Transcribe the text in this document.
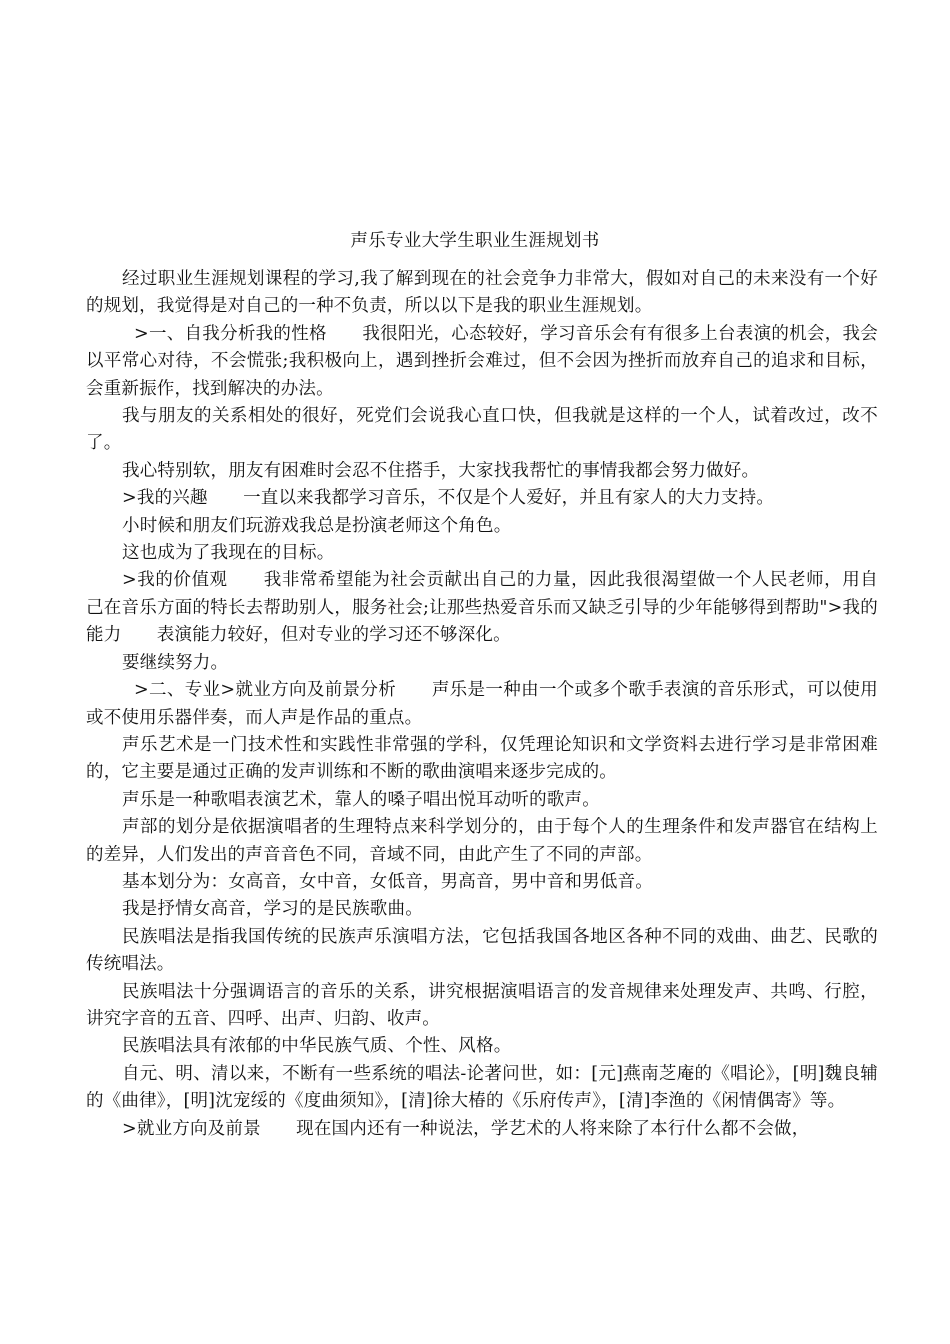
声乐专业大学生职业生涯规划书

经过职业生涯规划课程的学习,我了解到现在的社会竞争力非常大，假如对自己的未来没有一个好的规划，我觉得是对自己的一种不负责，所以以下是我的职业生涯规划。

>一、自我分析我的性格　　我很阳光，心态较好，学习音乐会有有很多上台表演的机会，我会以平常心对待，不会慌张;我积极向上，遇到挫折会难过，但不会因为挫折而放弃自己的追求和目标，会重新振作，找到解决的办法。

我与朋友的关系相处的很好，死党们会说我心直口快，但我就是这样的一个人，试着改过，改不了。

我心特别软，朋友有困难时会忍不住搭手，大家找我帮忙的事情我都会努力做好。

>我的兴趣　　一直以来我都学习音乐，不仅是个人爱好，并且有家人的大力支持。

小时候和朋友们玩游戏我总是扮演老师这个角色。

这也成为了我现在的目标。

>我的价值观　　我非常希望能为社会贡献出自己的力量，因此我很渴望做一个人民老师，用自己在音乐方面的特长去帮助别人，服务社会;让那些热爱音乐而又缺乏引导的少年能够得到帮助">我的能力　　表演能力较好，但对专业的学习还不够深化。

要继续努力。

>二、专业>就业方向及前景分析　　声乐是一种由一个或多个歌手表演的音乐形式，可以使用或不使用乐器伴奏，而人声是作品的重点。

声乐艺术是一门技术性和实践性非常强的学科，仅凭理论知识和文学资料去进行学习是非常困难的，它主要是通过正确的发声训练和不断的歌曲演唱来逐步完成的。

声乐是一种歌唱表演艺术，靠人的嗓子唱出悦耳动听的歌声。

声部的划分是依据演唱者的生理特点来科学划分的，由于每个人的生理条件和发声器官在结构上的差异，人们发出的声音音色不同，音域不同，由此产生了不同的声部。

基本划分为：女高音，女中音，女低音，男高音，男中音和男低音。

我是抒情女高音，学习的是民族歌曲。

民族唱法是指我国传统的民族声乐演唱方法，它包括我国各地区各种不同的戏曲、曲艺、民歌的传统唱法。

民族唱法十分强调语言的音乐的关系，讲究根据演唱语言的发音规律来处理发声、共鸣、行腔，讲究字音的五音、四呼、出声、归韵、收声。

民族唱法具有浓郁的中华民族气质、个性、风格。

自元、明、清以来，不断有一些系统的唱法-论著问世，如：[元]燕南芝庵的《唱论》，[明]魏良辅的《曲律》，[明]沈宠绥的《度曲须知》，[清]徐大椿的《乐府传声》，[清]李渔的《闲情偶寄》等。

>就业方向及前景　　现在国内还有一种说法，学艺术的人将来除了本行什么都不会做，
